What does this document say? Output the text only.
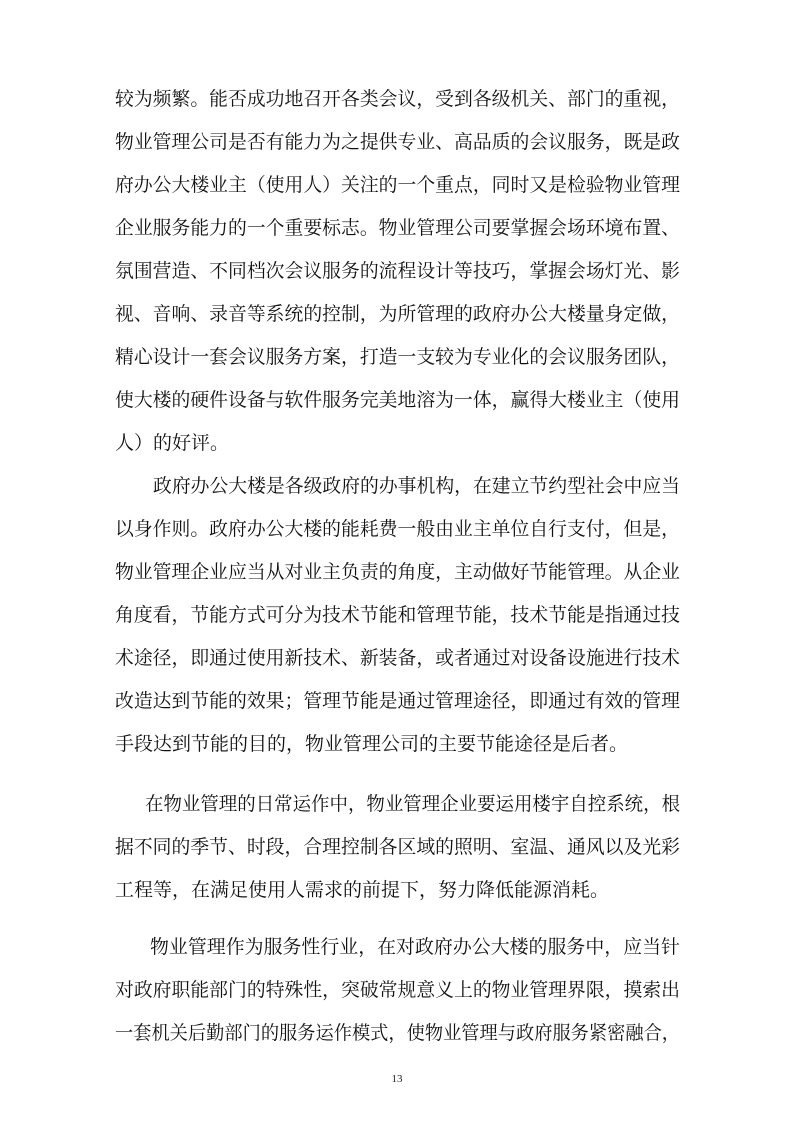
较为频繁。能否成功地召开各类会议，受到各级机关、部门的重视，
物业管理公司是否有能力为之提供专业、高品质的会议服务，既是政
府办公大楼业主（使用人）关注的一个重点，同时又是检验物业管理
企业服务能力的一个重要标志。物业管理公司要掌握会场环境布置、
氛围营造、不同档次会议服务的流程设计等技巧，掌握会场灯光、影
视、音响、录音等系统的控制，为所管理的政府办公大楼量身定做，
精心设计一套会议服务方案，打造一支较为专业化的会议服务团队，
使大楼的硬件设备与软件服务完美地溶为一体，赢得大楼业主（使用
人）的好评。
政府办公大楼是各级政府的办事机构，在建立节约型社会中应当
以身作则。政府办公大楼的能耗费一般由业主单位自行支付，但是，
物业管理企业应当从对业主负责的角度，主动做好节能管理。从企业
角度看，节能方式可分为技术节能和管理节能，技术节能是指通过技
术途径，即通过使用新技术、新装备，或者通过对设备设施进行技术
改造达到节能的效果；管理节能是通过管理途径，即通过有效的管理
手段达到节能的目的，物业管理公司的主要节能途径是后者。
在物业管理的日常运作中，物业管理企业要运用楼宇自控系统，根
据不同的季节、时段，合理控制各区域的照明、室温、通风以及光彩
工程等，在满足使用人需求的前提下，努力降低能源消耗。
物业管理作为服务性行业，在对政府办公大楼的服务中，应当针
对政府职能部门的特殊性，突破常规意义上的物业管理界限，摸索出
一套机关后勤部门的服务运作模式，使物业管理与政府服务紧密融合，
13
